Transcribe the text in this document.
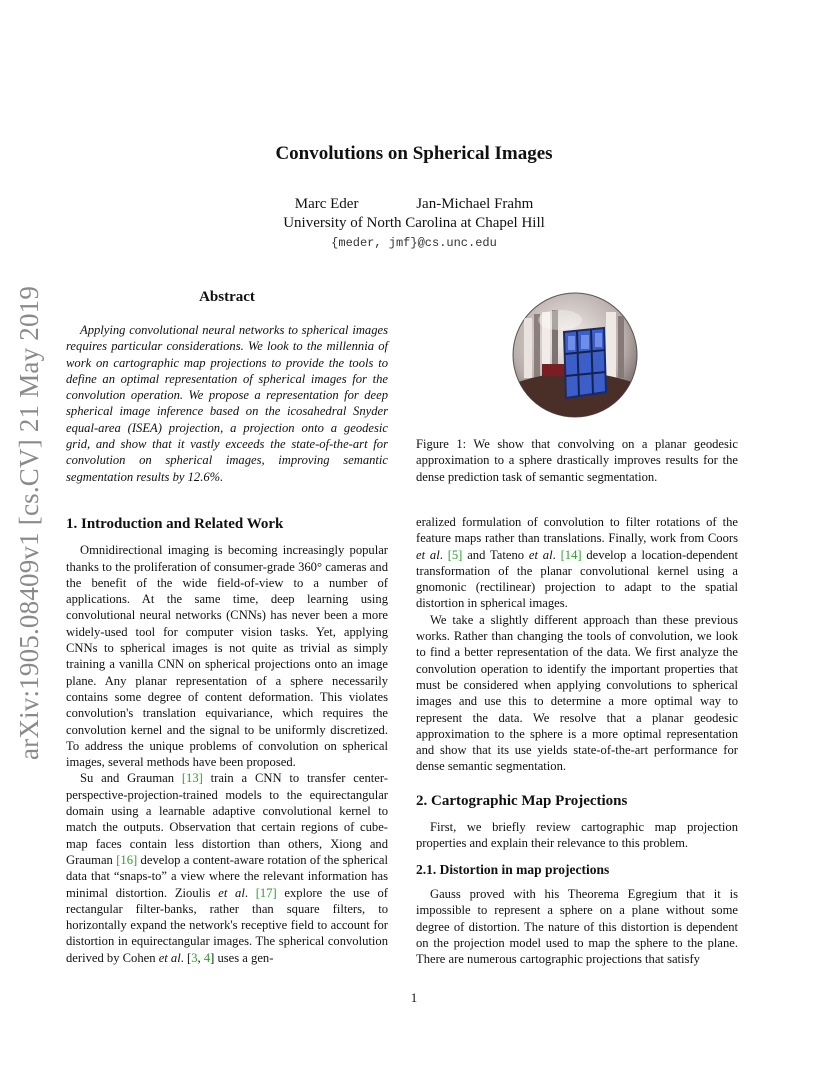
Convolutions on Spherical Images
Marc Eder	Jan-Michael Frahm
University of North Carolina at Chapel Hill
{meder, jmf}@cs.unc.edu
arXiv:1905.08409v1 [cs.CV] 21 May 2019	Abstract

Applying convolutional neural networks to spherical images requires particular considerations. We look to the millennia of work on cartographic map projections to provide the tools to define an optimal representation of spherical images for the convolution operation. We propose a representation for deep spherical image inference based on the icosahedral Snyder equal-area (ISEA) projection, a projection onto a geodesic grid, and show that it vastly exceeds the state-of-the-art for convolution on spherical images, improving semantic segmentation results by 12.6%.

1. Introduction and Related Work

Omnidirectional imaging is becoming increasingly popular thanks to the proliferation of consumer-grade 360° cameras and the benefit of the wide field-of-view to a number of applications. At the same time, deep learning using convolutional neural networks (CNNs) has never been a more widely-used tool for computer vision tasks. Yet, applying CNNs to spherical images is not quite as trivial as simply training a vanilla CNN on spherical projections onto an image plane. Any planar representation of a sphere necessarily contains some degree of content deformation. This violates convolution's translation equivariance, which requires the convolution kernel and the signal to be uniformly discretized. To address the unique problems of convolution on spherical images, several methods have been proposed.

Su and Grauman [13] train a CNN to transfer center-perspective-projection-trained models to the equirectangular domain using a learnable adaptive convolutional kernel to match the outputs. Observation that certain regions of cube-map faces contain less distortion than others, Xiong and Grauman [16] develop a content-aware rotation of the spherical data that “snaps-to” a view where the relevant information has minimal distortion. Zioulis et al. [17] explore the use of rectangular filter-banks, rather than square filters, to horizontally expand the network's receptive field to account for distortion in equirectangular images. The spherical convolution derived by Cohen et al. [3, 4] uses a gen-

Figure 1: We show that convolving on a planar geodesic approximation to a sphere drastically improves results for the dense prediction task of semantic segmentation.

eralized formulation of convolution to filter rotations of the feature maps rather than translations. Finally, work from Coors et al. [5] and Tateno et al. [14] develop a location-dependent transformation of the planar convolutional kernel using a gnomonic (rectilinear) projection to adapt to the spatial distortion in spherical images.

We take a slightly different approach than these previous works. Rather than changing the tools of convolution, we look to find a better representation of the data. We first analyze the convolution operation to identify the important properties that must be considered when applying convolutions to spherical images and use this to determine a more optimal way to represent the data. We resolve that a planar geodesic approximation to the sphere is a more optimal representation and show that its use yields state-of-the-art performance for dense semantic segmentation.

2. Cartographic Map Projections

First, we briefly review cartographic map projection properties and explain their relevance to this problem.

2.1. Distortion in map projections

Gauss proved with his Theorema Egregium that it is impossible to represent a sphere on a plane without some degree of distortion. The nature of this distortion is dependent on the projection model used to map the sphere to the plane. There are numerous cartographic projections that satisfy

1
